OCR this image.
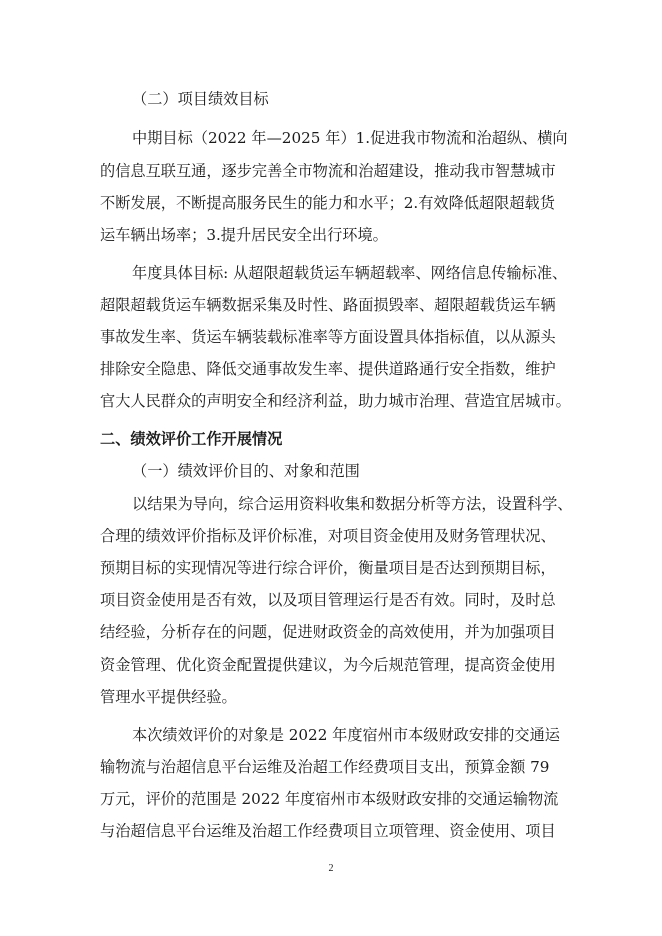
（二）项目绩效目标
中期目标（2022 年—2025 年）1.促进我市物流和治超纵、横向
的信息互联互通，逐步完善全市物流和治超建设，推动我市智慧城市
不断发展，不断提高服务民生的能力和水平；2.有效降低超限超载货
运车辆出场率；3.提升居民安全出行环境。
年度具体目标: 从超限超载货运车辆超载率、网络信息传输标准、
超限超载货运车辆数据采集及时性、路面损毁率、超限超载货运车辆
事故发生率、货运车辆装载标准率等方面设置具体指标值，以从源头
排除安全隐患、降低交通事故发生率、提供道路通行安全指数，维护
官大人民群众的声明安全和经济利益，助力城市治理、营造宜居城市。
二、绩效评价工作开展情况
（一）绩效评价目的、对象和范围
以结果为导向，综合运用资料收集和数据分析等方法，设置科学、
合理的绩效评价指标及评价标准，对项目资金使用及财务管理状况、
预期目标的实现情况等进行综合评价，衡量项目是否达到预期目标，
项目资金使用是否有效，以及项目管理运行是否有效。同时，及时总
结经验，分析存在的问题，促进财政资金的高效使用，并为加强项目
资金管理、优化资金配置提供建议，为今后规范管理，提高资金使用
管理水平提供经验。
本次绩效评价的对象是 2022 年度宿州市本级财政安排的交通运
输物流与治超信息平台运维及治超工作经费项目支出，预算金额 79
万元，评价的范围是 2022 年度宿州市本级财政安排的交通运输物流
与治超信息平台运维及治超工作经费项目立项管理、资金使用、项目
2
